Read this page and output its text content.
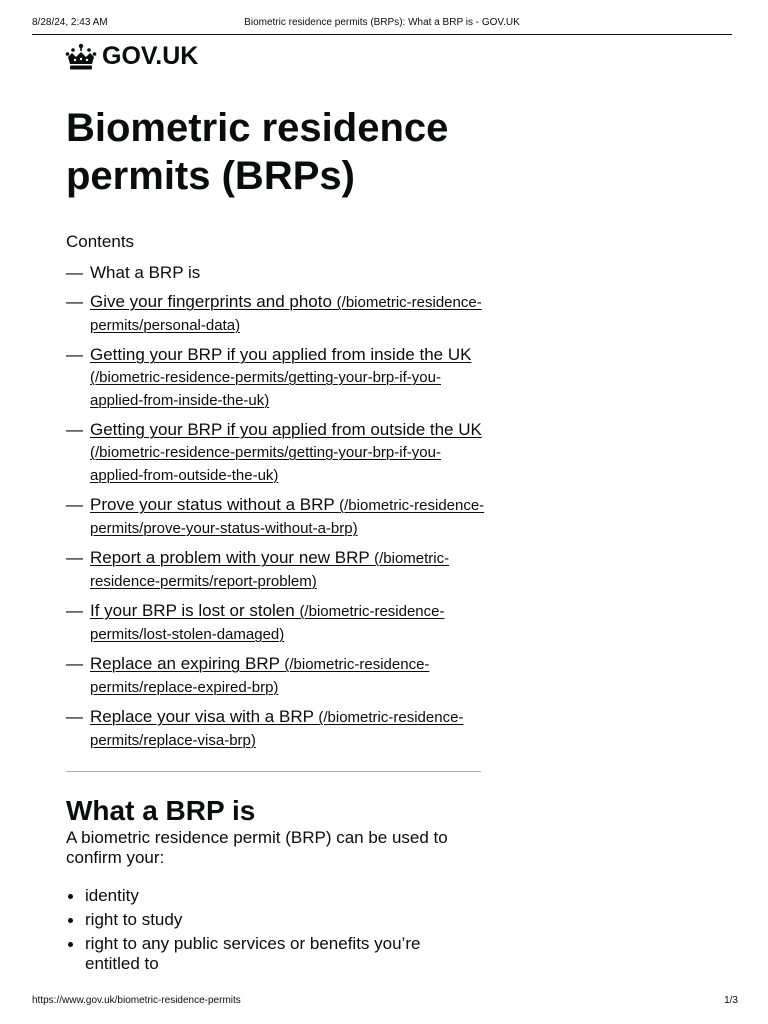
8/28/24, 2:43 AM	Biometric residence permits (BRPs): What a BRP is - GOV.UK
GOV.UK
Biometric residence permits (BRPs)
Contents
— What a BRP is
— Give your fingerprints and photo (/biometric-residence-permits/personal-data)
— Getting your BRP if you applied from inside the UK (/biometric-residence-permits/getting-your-brp-if-you-applied-from-inside-the-uk)
— Getting your BRP if you applied from outside the UK (/biometric-residence-permits/getting-your-brp-if-you-applied-from-outside-the-uk)
— Prove your status without a BRP (/biometric-residence-permits/prove-your-status-without-a-brp)
— Report a problem with your new BRP (/biometric-residence-permits/report-problem)
— If your BRP is lost or stolen (/biometric-residence-permits/lost-stolen-damaged)
— Replace an expiring BRP (/biometric-residence-permits/replace-expired-brp)
— Replace your visa with a BRP (/biometric-residence-permits/replace-visa-brp)
What a BRP is

A biometric residence permit (BRP) can be used to confirm your:

identity
right to study
right to any public services or benefits you’re entitled to
https://www.gov.uk/biometric-residence-permits	1/3
